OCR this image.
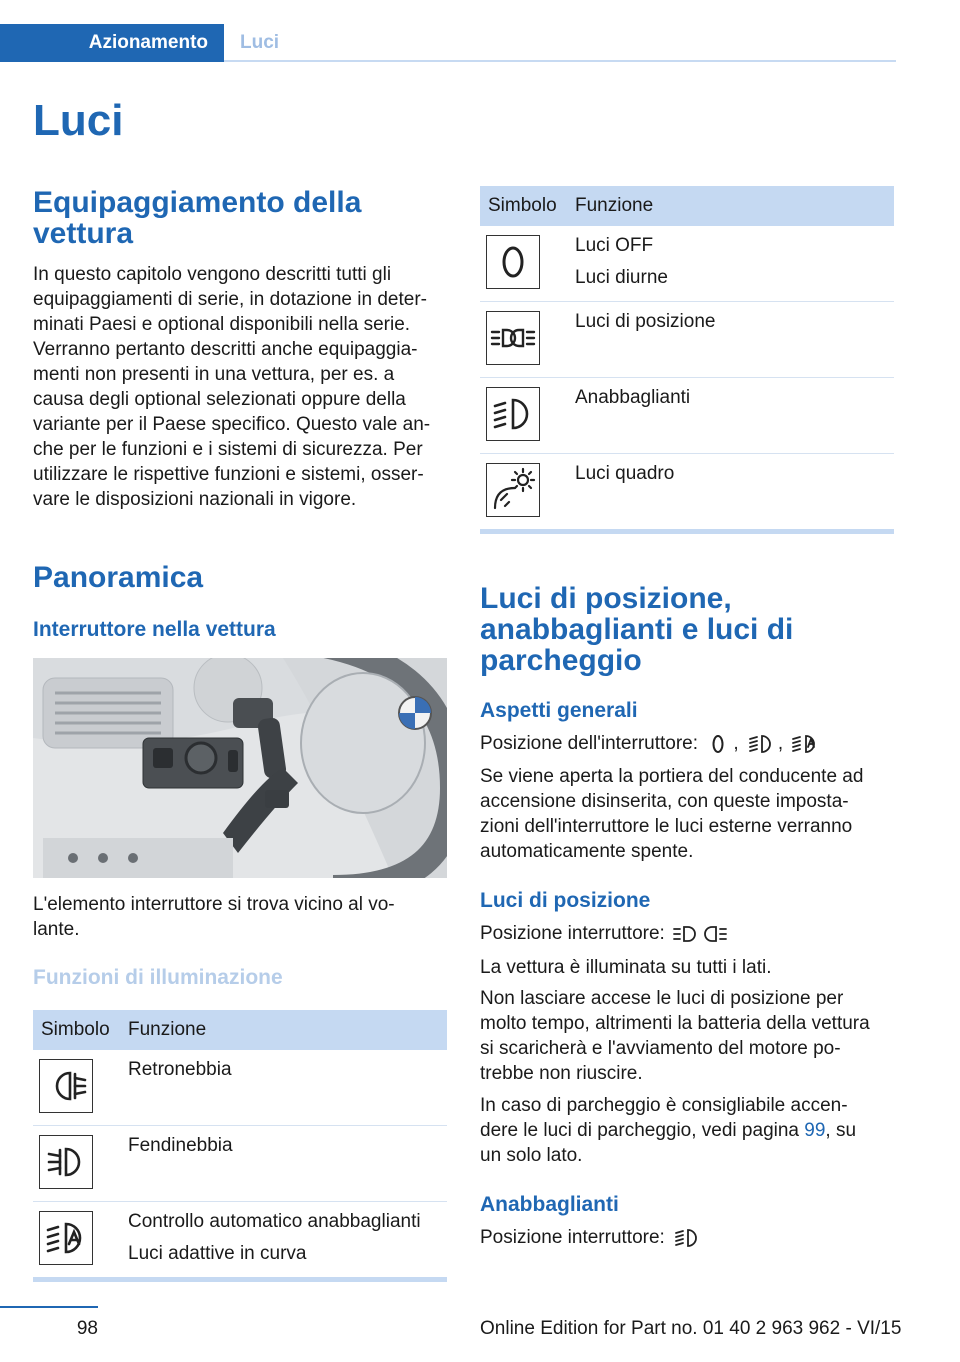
Azionamento	Luci
Luci
Equipaggiamento della vettura
In questo capitolo vengono descritti tutti gli
equipaggiamenti di serie, in dotazione in deter-
minati Paesi e optional disponibili nella serie.
Verranno pertanto descritti anche equipaggia-
menti non presenti in una vettura, per es. a
causa degli optional selezionati oppure della
variante per il Paese specifico. Questo vale an-
che per le funzioni e i sistemi di sicurezza. Per
utilizzare le rispettive funzioni e sistemi, osser-
vare le disposizioni nazionali in vigore.
Panoramica
Interruttore nella vettura
L'elemento interruttore si trova vicino al vo-
lante.
Funzioni di illuminazione
Simbolo Funzione
Retronebbia
Fendinebbia
Controllo automatico anabbaglianti
Luci adattive in curva
Simbolo Funzione
Luci OFF
Luci diurne
Luci di posizione
Anabbaglianti
Luci quadro
Luci di posizione,
anabbaglianti e luci di
parcheggio
Aspetti generali
Posizione dell'interruttore: , ,
Se viene aperta la portiera del conducente ad
accensione disinserita, con queste imposta-
zioni dell'interruttore le luci esterne verranno
automaticamente spente.
Luci di posizione
Posizione interruttore:
La vettura è illuminata su tutti i lati.
Non lasciare accese le luci di posizione per
molto tempo, altrimenti la batteria della vettura
si scaricherà e l'avviamento del motore po-
trebbe non riuscire.
In caso di parcheggio è consigliabile accen-
dere le luci di parcheggio, vedi pagina 99, su
un solo lato.
Anabbaglianti
Posizione interruttore:
98	Online Edition for Part no. 01 40 2 963 962 - VI/15
